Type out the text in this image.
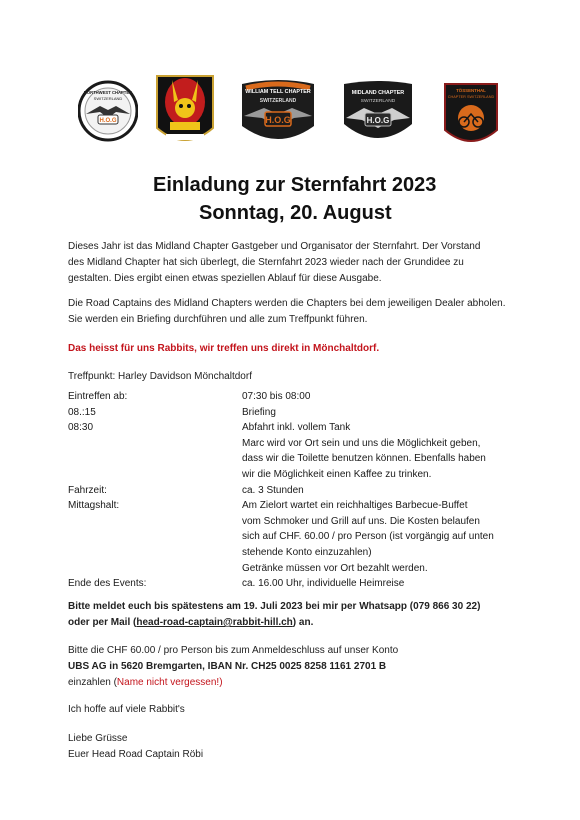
H.O.G
NORTHWEST CHAPTER
SWITZERLAND
WILLIAM TELL CHAPTER
SWITZERLAND
H.O.G
MIDLAND CHAPTER
SWITZERLAND
H.O.G
TÖSSENTHAL
CHAPTER SWITZERLAND
Einladung zur Sternfahrt 2023
Sonntag, 20. August
Dieses Jahr ist das Midland Chapter Gastgeber und Organisator der Sternfahrt. Der Vorstand
des Midland Chapter hat sich überlegt, die Sternfahrt 2023 wieder nach der Grundidee zu
gestalten. Dies ergibt einen etwas speziellen Ablauf für diese Ausgabe.
Die Road Captains des Midland Chapters werden die Chapters bei dem jeweiligen Dealer abholen.
Sie werden ein Briefing durchführen und alle zum Treffpunkt führen.
Das heisst für uns Rabbits, wir treffen uns direkt in Mönchaltdorf.
Treffpunkt: Harley Davidson Mönchaltdorf
Eintreffen ab:	07:30 bis 08:00
08.:15	Briefing
08:30	Abfahrt inkl. vollem Tank
Marc wird vor Ort sein und uns die Möglichkeit geben,
dass wir die Toilette benutzen können. Ebenfalls haben
wir die Möglichkeit einen Kaffee zu trinken.
Fahrzeit:	ca. 3 Stunden
Mittagshalt:	Am Zielort wartet ein reichhaltiges Barbecue-Buffet
vom Schmoker und Grill auf uns. Die Kosten belaufen
sich auf CHF. 60.00 / pro Person (ist vorgängig auf unten
stehende Konto einzuzahlen)
Getränke müssen vor Ort bezahlt werden.
Ende des Events:	ca. 16.00 Uhr, individuelle Heimreise
Bitte meldet euch bis spätestens am 19. Juli 2023 bei mir per Whatsapp (079 866 30 22)
oder per Mail (head-road-captain@rabbit-hill.ch) an.
Bitte die CHF 60.00 / pro Person bis zum Anmeldeschluss auf unser Konto
UBS AG in 5620 Bremgarten, IBAN Nr. CH25 0025 8258 1161 2701 B
einzahlen (Name nicht vergessen!)
Ich hoffe auf viele Rabbit's
Liebe Grüsse
Euer Head Road Captain Röbi
